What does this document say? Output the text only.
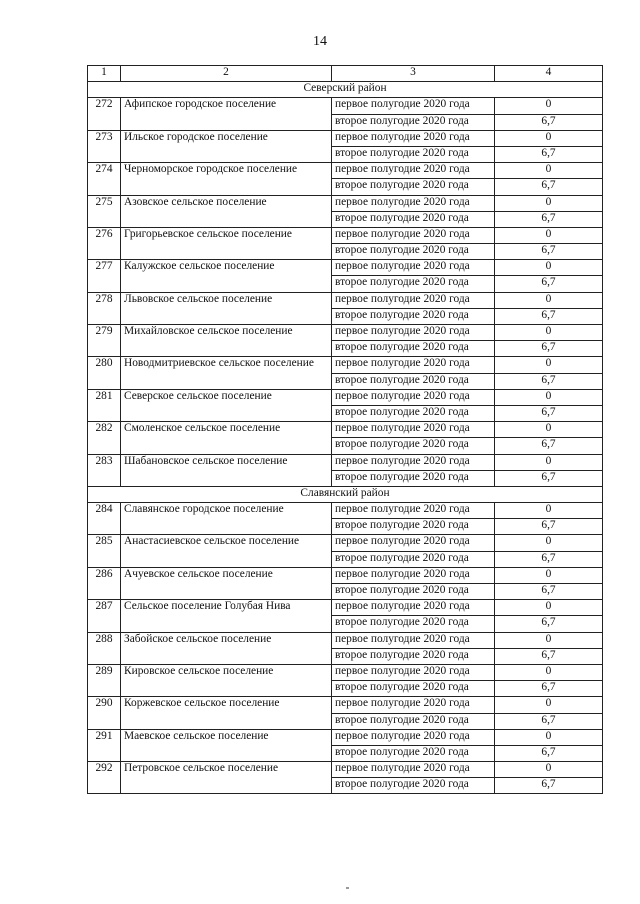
14
1	2	3	4
Северский район			
272	Афипское городское поселение	первое полугодие 2020 года	0
		второе полугодие 2020 года	6,7
273	Ильское городское поселение	первое полугодие 2020 года	0
		второе полугодие 2020 года	6,7
274	Черноморское городское поселение	первое полугодие 2020 года	0
		второе полугодие 2020 года	6,7
275	Азовское сельское поселение	первое полугодие 2020 года	0
		второе полугодие 2020 года	6,7
276	Григорьевское сельское поселение	первое полугодие 2020 года	0
		второе полугодие 2020 года	6,7
277	Калужское сельское поселение	первое полугодие 2020 года	0
		второе полугодие 2020 года	6,7
278	Львовское сельское поселение	первое полугодие 2020 года	0
		второе полугодие 2020 года	6,7
279	Михайловское сельское поселение	первое полугодие 2020 года	0
		второе полугодие 2020 года	6,7
280	Новодмитриевское сельское поселение	первое полугодие 2020 года	0
		второе полугодие 2020 года	6,7
281	Северское сельское поселение	первое полугодие 2020 года	0
		второе полугодие 2020 года	6,7
282	Смоленское сельское поселение	первое полугодие 2020 года	0
		второе полугодие 2020 года	6,7
283	Шабановское сельское поселение	первое полугодие 2020 года	0
		второе полугодие 2020 года	6,7
Славянский район			
284	Славянское городское поселение	первое полугодие 2020 года	0
		второе полугодие 2020 года	6,7
285	Анастасиевское сельское поселение	первое полугодие 2020 года	0
		второе полугодие 2020 года	6,7
286	Ачуевское сельское поселение	первое полугодие 2020 года	0
		второе полугодие 2020 года	6,7
287	Сельское поселение Голубая Нива	первое полугодие 2020 года	0
		второе полугодие 2020 года	6,7
288	Забойское сельское поселение	первое полугодие 2020 года	0
		второе полугодие 2020 года	6,7
289	Кировское сельское поселение	первое полугодие 2020 года	0
		второе полугодие 2020 года	6,7
290	Коржевское сельское поселение	первое полугодие 2020 года	0
		второе полугодие 2020 года	6,7
291	Маевское сельское поселение	первое полугодие 2020 года	0
		второе полугодие 2020 года	6,7
292	Петровское сельское поселение	первое полугодие 2020 года	0
		второе полугодие 2020 года	6,7
